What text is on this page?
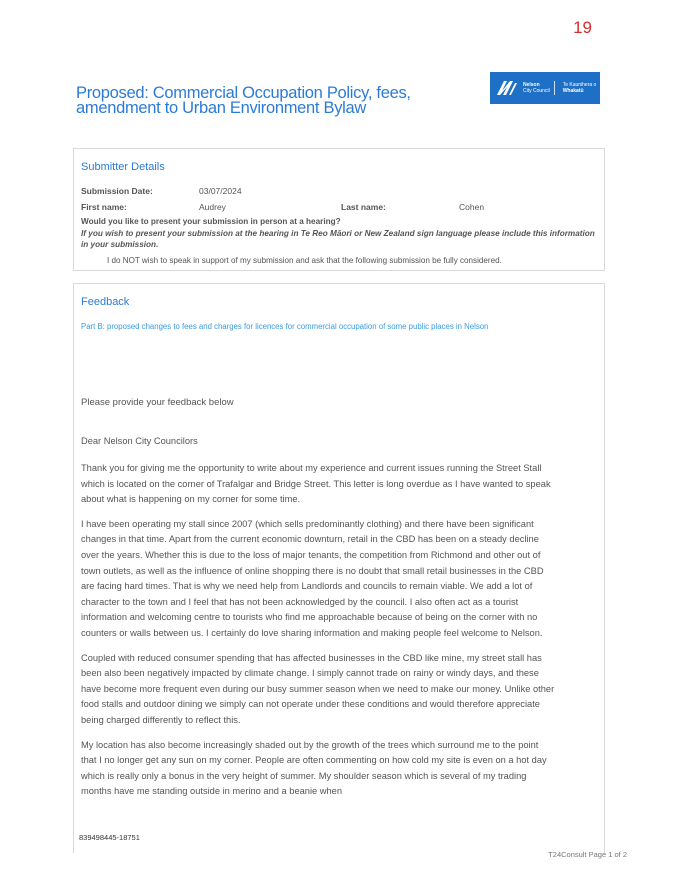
19
Proposed: Commercial Occupation Policy, fees, amendment to Urban Environment Bylaw
Nelson
City Council
Te Kaunihera o
Whakatū
Submitter Details
Submission Date:	03/07/2024
First name:	Audrey	Last name:	Cohen
Would you like to present your submission in person at a hearing?
If you wish to present your submission at the hearing in Te Reo Māori or New Zealand sign language please include this information in your submission.
I do NOT wish to speak in support of my submission and ask that the following submission be fully considered.
Feedback
Part B: proposed changes to fees and charges for licences for commercial occupation of some public places in Nelson
Please provide your feedback below
Dear Nelson City Councilors

Thank you for giving me the opportunity to write about my experience and current issues running the Street Stall which is located on the corner of Trafalgar and Bridge Street. This letter is long overdue as I have wanted to speak about what is happening on my corner for some time.

I have been operating my stall since 2007 (which sells predominantly clothing) and there have been significant changes in that time. Apart from the current economic downturn, retail in the CBD has been on a steady decline over the years. Whether this is due to the loss of major tenants, the competition from Richmond and other out of town outlets, as well as the influence of online shopping there is no doubt that small retail businesses in the CBD are facing hard times. That is why we need help from Landlords and councils to remain viable. We add a lot of character to the town and I feel that has not been acknowledged by the council. I also often act as a tourist information and welcoming centre to tourists who find me approachable because of being on the corner with no counters or walls between us. I certainly do love sharing information and making people feel welcome to Nelson.

Coupled with reduced consumer spending that has affected businesses in the CBD like mine, my street stall has been also been negatively impacted by climate change. I simply cannot trade on rainy or windy days, and these have become more frequent even during our busy summer season when we need to make our money. Unlike other food stalls and outdoor dining we simply can not operate under these conditions and would therefore appreciate being charged differently to reflect this.

My location has also become increasingly shaded out by the growth of the trees which surround me to the point that I no longer get any sun on my corner. People are often commenting on how cold my site is even on a hot day which is really only a bonus in the very height of summer. My shoulder season which is several of my trading months have me standing outside in merino and a beanie when

839498445-18751
T24Consult Page 1 of 2
